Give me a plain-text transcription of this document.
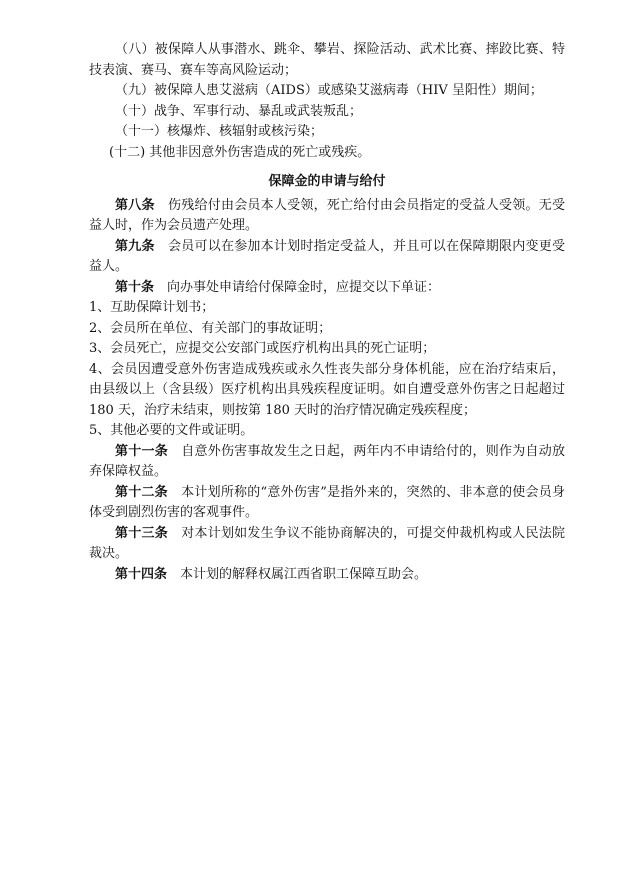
（八）被保障人从事潜水、跳伞、攀岩、探险活动、武术比赛、摔跤比赛、特技表演、赛马、赛车等高风险运动；

（九）被保障人患艾滋病（AIDS）或感染艾滋病毒（HIV 呈阳性）期间；

（十）战争、军事行动、暴乱或武装叛乱；

（十一）核爆炸、核辐射或核污染；

(十二) 其他非因意外伤害造成的死亡或残疾。

保障金的申请与给付

第八条　 伤残给付由会员本人受领，死亡给付由会员指定的受益人受领。无受益人时，作为会员遗产处理。

第九条　 会员可以在参加本计划时指定受益人，并且可以在保障期限内变更受益人。

第十条　 向办事处申请给付保障金时，应提交以下单证：

1、互助保障计划书；

2、会员所在单位、有关部门的事故证明；

3、会员死亡，应提交公安部门或医疗机构出具的死亡证明；

4、会员因遭受意外伤害造成残疾或永久性丧失部分身体机能，应在治疗结束后，由县级以上（含县级）医疗机构出具残疾程度证明。如自遭受意外伤害之日起超过 180 天，治疗未结束，则按第 180 天时的治疗情况确定残疾程度；

5、其他必要的文件或证明。

第十一条　 自意外伤害事故发生之日起，两年内不申请给付的，则作为自动放弃保障权益。

第十二条　 本计划所称的“意外伤害”是指外来的，突然的、非本意的使会员身体受到剧烈伤害的客观事件。

第十三条　 对本计划如发生争议不能协商解决的，可提交仲裁机构或人民法院裁决。

第十四条　 本计划的解释权属江西省职工保障互助会。
